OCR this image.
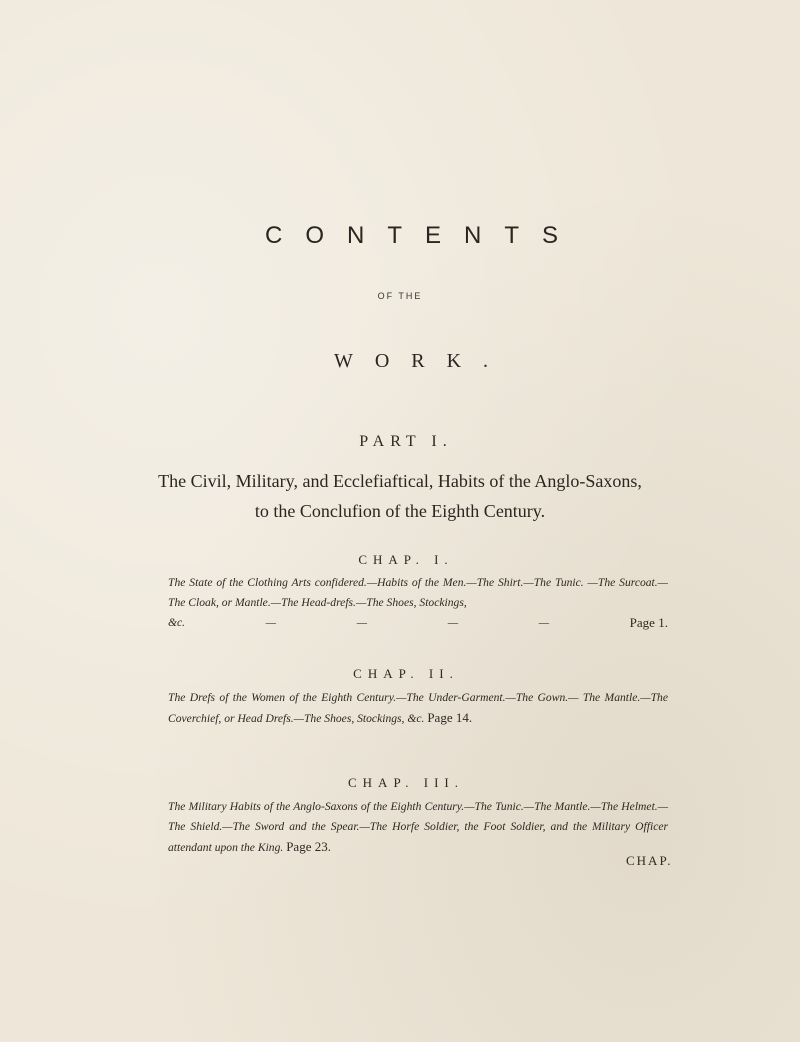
CONTENTS
OF THE
WORK.
PART I.
The Civil, Military, and Ecclefiaftical, Habits of the Anglo-Saxons,
to the Conclufion of the Eighth Century.
CHAP. I.
The State of the Clothing Arts confidered.—Habits of the Men.—The Shirt.—The Tunic. —The Surcoat.—The Cloak, or Mantle.—The Head-drefs.—The Shoes, Stockings,
&c.	—	—	—	—	Page 1.
CHAP. II.
The Drefs of the Women of the Eighth Century.—The Under-Garment.—The Gown.— The Mantle.—The Coverchief, or Head Drefs.—The Shoes, Stockings, &c. Page 14.
CHAP. III.
The Military Habits of the Anglo-Saxons of the Eighth Century.—The Tunic.—The Mantle.—The Helmet.—The Shield.—The Sword and the Spear.—The Horfe Soldier, the Foot Soldier, and the Military Officer attendant upon the King. Page 23.
CHAP.
